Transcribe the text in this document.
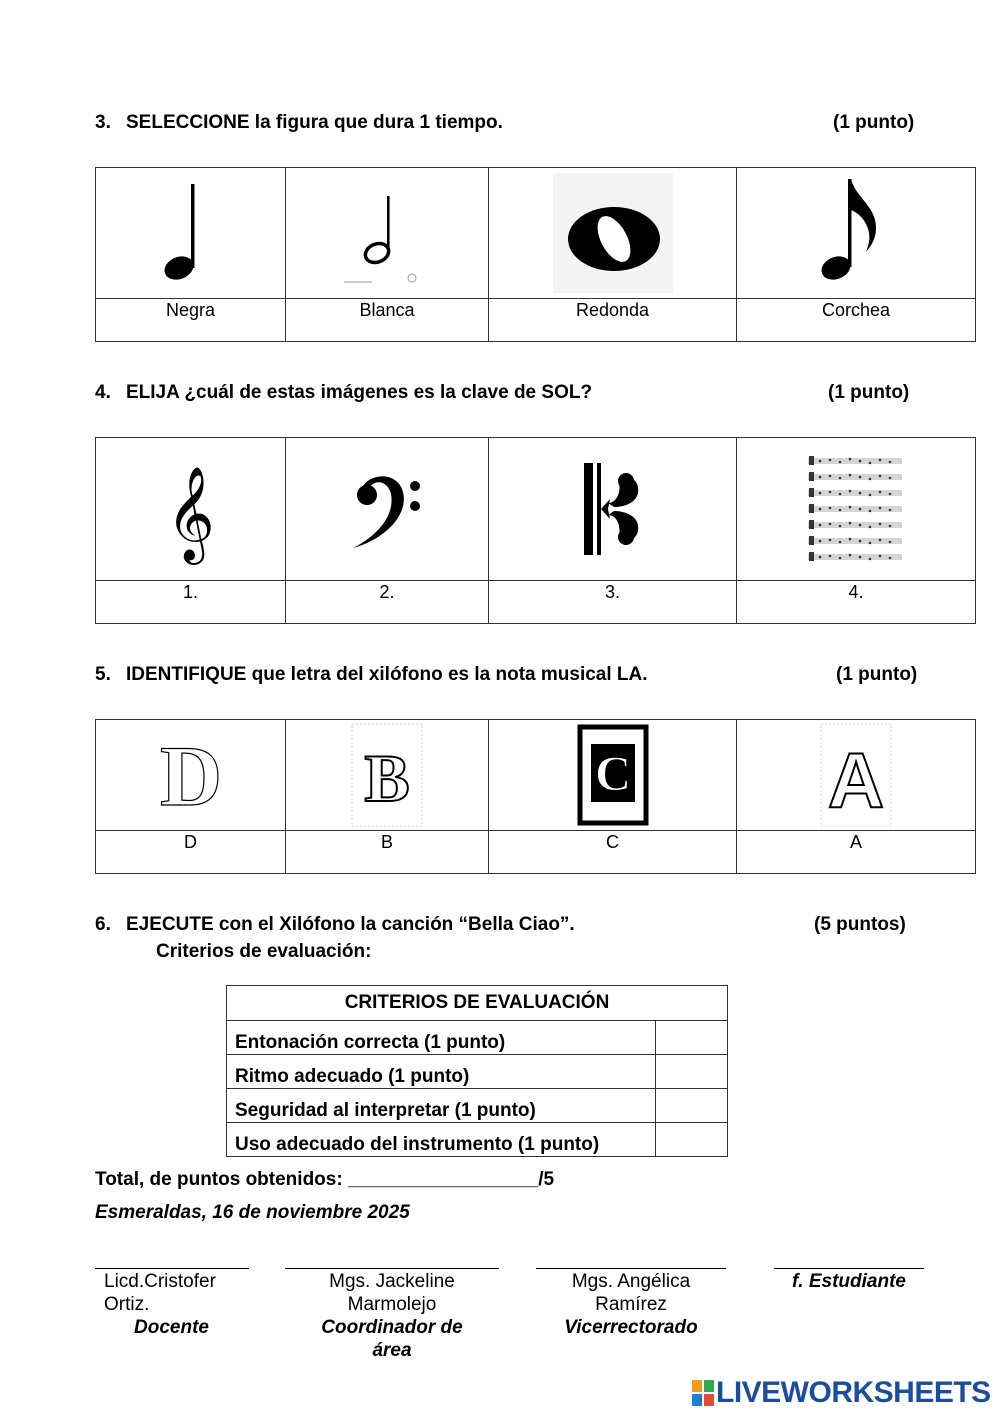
3. SELECCIONE la figura que dura 1 tiempo.	(1 punto)

Negra	Blanca	Redonda	Corchea
4. ELIJA ¿cuál de estas imágenes es la clave de SOL?	(1 punto)
𝄞

1.	2.	3.	4.
5. IDENTIFIQUE que letra del xilófono es la nota musical LA.	(1 punto)
D	B	C	A

D	B	C	A
6. EJECUTE con el Xilófono la canción “Bella Ciao”.	(5 puntos)
Criterios de evaluación:
CRITERIOS DE EVALUACIÓN	
Entonación correcta (1 punto)	
Ritmo adecuado (1 punto)	
Seguridad al interpretar (1 punto)	
Uso adecuado del instrumento (1 punto)	
Total, de puntos obtenidos: __________________/5
Esmeraldas, 16 de noviembre 2025
Licd.Cristofer
Ortiz.
Docente
Mgs. Jackeline
Marmolejo
Coordinador de
área
Mgs. Angélica
Ramírez
Vicerrectorado
f. Estudiante
LIVEWORKSHEETS
